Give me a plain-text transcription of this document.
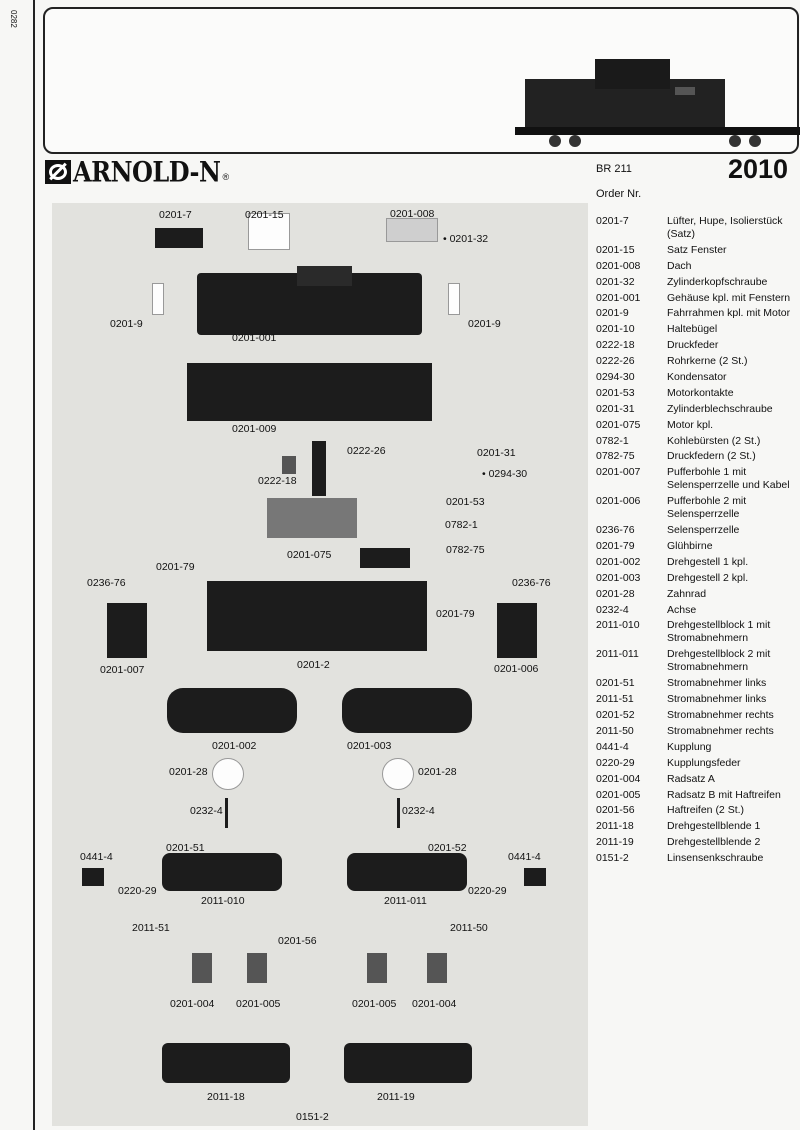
0282
ARNOLD-N ®
BR 211	2010
Order Nr.
0201-7	Lüfter, Hupe, Isolierstück (Satz)
0201-15	Satz Fenster
0201-008	Dach
0201-32	Zylinderkopfschraube
0201-001	Gehäuse kpl. mit Fenstern
0201-9	Fahrrahmen kpl. mit Motor
0201-10	Haltebügel
0222-18	Druckfeder
0222-26	Rohrkerne (2 St.)
0294-30	Kondensator
0201-53	Motorkontakte
0201-31	Zylinderblechschraube
0201-075	Motor kpl.
0782-1	Kohlebürsten (2 St.)
0782-75	Druckfedern (2 St.)
0201-007	Pufferbohle 1 mit Selensperrzelle und Kabel
0201-006	Pufferbohle 2 mit Selensperrzelle
0236-76	Selensperrzelle
0201-79	Glühbirne
0201-002	Drehgestell 1 kpl.
0201-003	Drehgestell 2 kpl.
0201-28	Zahnrad
0232-4	Achse
2011-010	Drehgestellblock 1 mit Stromabnehmern
2011-011	Drehgestellblock 2 mit Stromabnehmern
0201-51	Stromabnehmer links
2011-51	Stromabnehmer links
0201-52	Stromabnehmer rechts
2011-50	Stromabnehmer rechts
0441-4	Kupplung
0220-29	Kupplungsfeder
0201-004	Radsatz A
0201-005	Radsatz B mit Haftreifen
0201-56	Haftreifen (2 St.)
2011-18	Drehgestellblende 1
2011-19	Drehgestellblende 2
0151-2	Linsensenkschraube
0201-7	0201-15	0201-008
• 0201-32
0201-9	0201-9
0201-001
0201-009
0222-26	0201-31
• 0294-30
0222-18
0201-53
0782-1
0782-75
0201-075
0201-79
0236-76	0236-76
0201-79
0201-2
0201-007	0201-006
0201-002	0201-003
0201-28	0201-28
0232-4	0232-4
0201-51	0201-52
0441-4	0441-4
0220-29	0220-29
2011-010	2011-011
2011-51	2011-50
0201-56
0201-004 0201-005	0201-005 0201-004
2011-18	2011-19
0151-2
